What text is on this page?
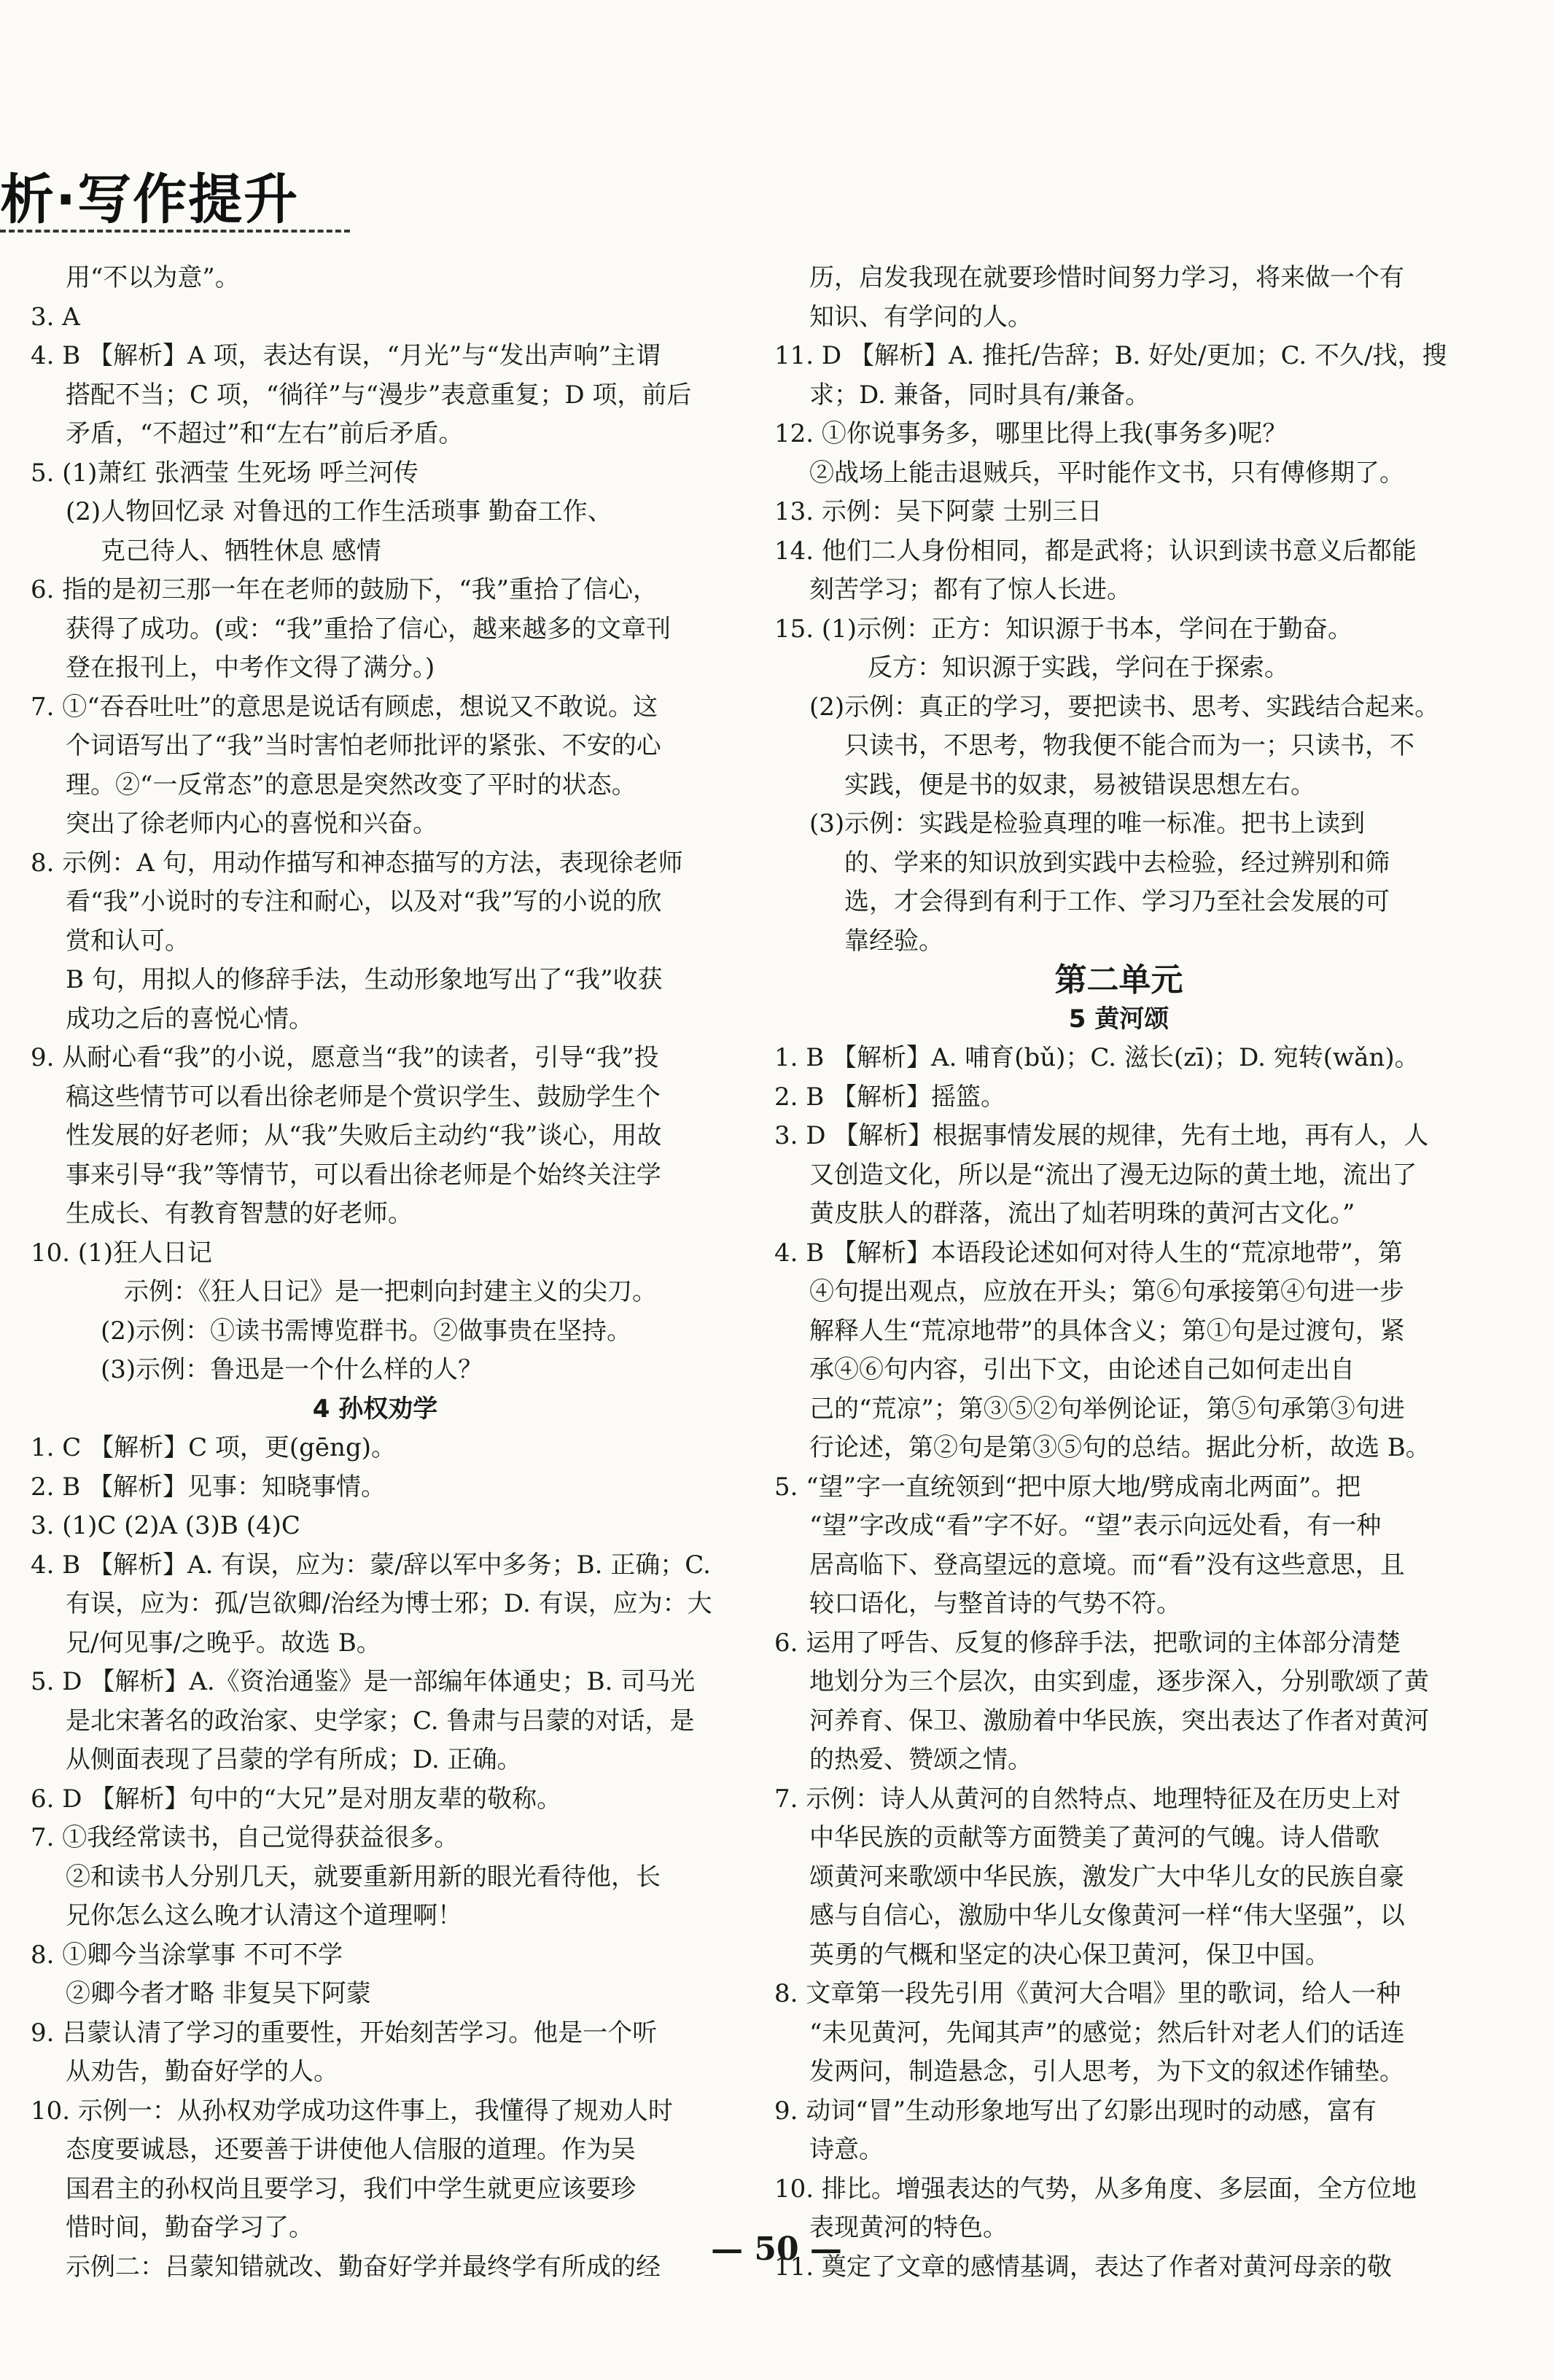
析·写作提升
用“不以为意”。
3. A
4. B 【解析】A 项，表达有误，“月光”与“发出声响”主谓
搭配不当；C 项，“徜徉”与“漫步”表意重复；D 项，前后
矛盾，“不超过”和“左右”前后矛盾。
5. (1)萧红 张洒莹 生死场 呼兰河传
(2)人物回忆录 对鲁迅的工作生活琐事 勤奋工作、
克己待人、牺牲休息 感情
6. 指的是初三那一年在老师的鼓励下，“我”重拾了信心，
获得了成功。(或：“我”重拾了信心，越来越多的文章刊
登在报刊上，中考作文得了满分。)
7. ①“吞吞吐吐”的意思是说话有顾虑，想说又不敢说。这
个词语写出了“我”当时害怕老师批评的紧张、不安的心
理。②“一反常态”的意思是突然改变了平时的状态。
突出了徐老师内心的喜悦和兴奋。
8. 示例：A 句，用动作描写和神态描写的方法，表现徐老师
看“我”小说时的专注和耐心，以及对“我”写的小说的欣
赏和认可。
B 句，用拟人的修辞手法，生动形象地写出了“我”收获
成功之后的喜悦心情。
9. 从耐心看“我”的小说，愿意当“我”的读者，引导“我”投
稿这些情节可以看出徐老师是个赏识学生、鼓励学生个
性发展的好老师；从“我”失败后主动约“我”谈心，用故
事来引导“我”等情节，可以看出徐老师是个始终关注学
生成长、有教育智慧的好老师。
10. (1)狂人日记
示例：《狂人日记》是一把刺向封建主义的尖刀。
(2)示例：①读书需博览群书。②做事贵在坚持。
(3)示例：鲁迅是一个什么样的人？
4 孙权劝学
1. C 【解析】C 项，更(gēng)。
2. B 【解析】见事：知晓事情。
3. (1)C (2)A (3)B (4)C
4. B 【解析】A. 有误，应为：蒙/辞以军中多务；B. 正确；C.
有误，应为：孤/岂欲卿/治经为博士邪；D. 有误，应为：大
兄/何见事/之晚乎。故选 B。
5. D 【解析】A.《资治通鉴》是一部编年体通史；B. 司马光
是北宋著名的政治家、史学家；C. 鲁肃与吕蒙的对话，是
从侧面表现了吕蒙的学有所成；D. 正确。
6. D 【解析】句中的“大兄”是对朋友辈的敬称。
7. ①我经常读书，自己觉得获益很多。
②和读书人分别几天，就要重新用新的眼光看待他，长
兄你怎么这么晚才认清这个道理啊！
8. ①卿今当涂掌事 不可不学
②卿今者才略 非复吴下阿蒙
9. 吕蒙认清了学习的重要性，开始刻苦学习。他是一个听
从劝告，勤奋好学的人。
10. 示例一：从孙权劝学成功这件事上，我懂得了规劝人时
态度要诚恳，还要善于讲使他人信服的道理。作为吴
国君主的孙权尚且要学习，我们中学生就更应该要珍
惜时间，勤奋学习了。
示例二：吕蒙知错就改、勤奋好学并最终学有所成的经
历，启发我现在就要珍惜时间努力学习，将来做一个有
知识、有学问的人。
11. D 【解析】A. 推托/告辞；B. 好处/更加；C. 不久/找，搜
求；D. 兼备，同时具有/兼备。
12. ①你说事务多，哪里比得上我(事务多)呢？
②战场上能击退贼兵，平时能作文书，只有傅修期了。
13. 示例：吴下阿蒙 士别三日
14. 他们二人身份相同，都是武将；认识到读书意义后都能
刻苦学习；都有了惊人长进。
15. (1)示例：正方：知识源于书本，学问在于勤奋。
反方：知识源于实践，学问在于探索。
(2)示例：真正的学习，要把读书、思考、实践结合起来。
只读书，不思考，物我便不能合而为一；只读书，不
实践，便是书的奴隶，易被错误思想左右。
(3)示例：实践是检验真理的唯一标准。把书上读到
的、学来的知识放到实践中去检验，经过辨别和筛
选，才会得到有利于工作、学习乃至社会发展的可
靠经验。
第二单元
5 黄河颂
1. B 【解析】A. 哺育(bǔ)；C. 滋长(zī)；D. 宛转(wǎn)。
2. B 【解析】摇篮。
3. D 【解析】根据事情发展的规律，先有土地，再有人，人
又创造文化，所以是“流出了漫无边际的黄土地，流出了
黄皮肤人的群落，流出了灿若明珠的黄河古文化。”
4. B 【解析】本语段论述如何对待人生的“荒凉地带”，第
④句提出观点，应放在开头；第⑥句承接第④句进一步
解释人生“荒凉地带”的具体含义；第①句是过渡句，紧
承④⑥句内容，引出下文，由论述自己如何走出自
己的“荒凉”；第③⑤②句举例论证，第⑤句承第③句进
行论述，第②句是第③⑤句的总结。据此分析，故选 B。
5. “望”字一直统领到“把中原大地/劈成南北两面”。把
“望”字改成“看”字不好。“望”表示向远处看，有一种
居高临下、登高望远的意境。而“看”没有这些意思，且
较口语化，与整首诗的气势不符。
6. 运用了呼告、反复的修辞手法，把歌词的主体部分清楚
地划分为三个层次，由实到虚，逐步深入，分别歌颂了黄
河养育、保卫、激励着中华民族，突出表达了作者对黄河
的热爱、赞颂之情。
7. 示例：诗人从黄河的自然特点、地理特征及在历史上对
中华民族的贡献等方面赞美了黄河的气魄。诗人借歌
颂黄河来歌颂中华民族，激发广大中华儿女的民族自豪
感与自信心，激励中华儿女像黄河一样“伟大坚强”，以
英勇的气概和坚定的决心保卫黄河，保卫中国。
8. 文章第一段先引用《黄河大合唱》里的歌词，给人一种
“未见黄河，先闻其声”的感觉；然后针对老人们的话连
发两问，制造悬念，引人思考，为下文的叙述作铺垫。
9. 动词“冒”生动形象地写出了幻影出现时的动感，富有
诗意。
10. 排比。增强表达的气势，从多角度、多层面，全方位地
表现黄河的特色。
11. 奠定了文章的感情基调，表达了作者对黄河母亲的敬
— 50 —
